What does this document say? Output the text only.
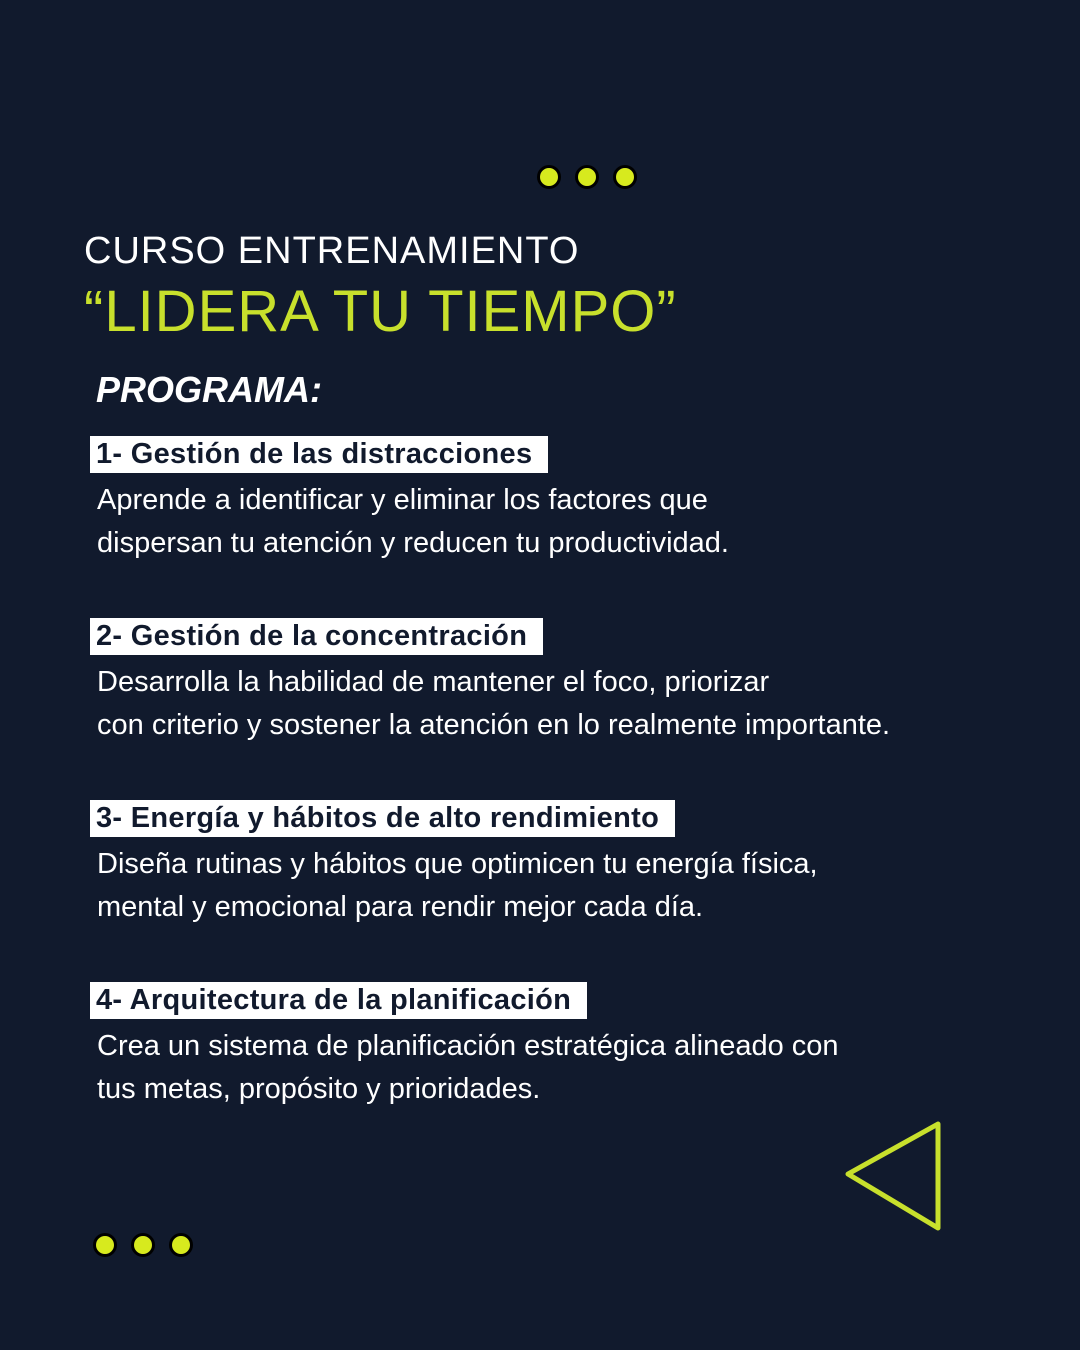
CURSO ENTRENAMIENTO
“LIDERA TU TIEMPO”
PROGRAMA:
1- Gestión de las distracciones
Aprende a identificar y eliminar los factores que
dispersan tu atención y reducen tu productividad.
2- Gestión de la concentración
Desarrolla la habilidad de mantener el foco, priorizar
con criterio y sostener la atención en lo realmente importante.
3- Energía y hábitos de alto rendimiento
Diseña rutinas y hábitos que optimicen tu energía física,
mental y emocional para rendir mejor cada día.
4- Arquitectura de la planificación
Crea un sistema de planificación estratégica alineado con
tus metas, propósito y prioridades.
